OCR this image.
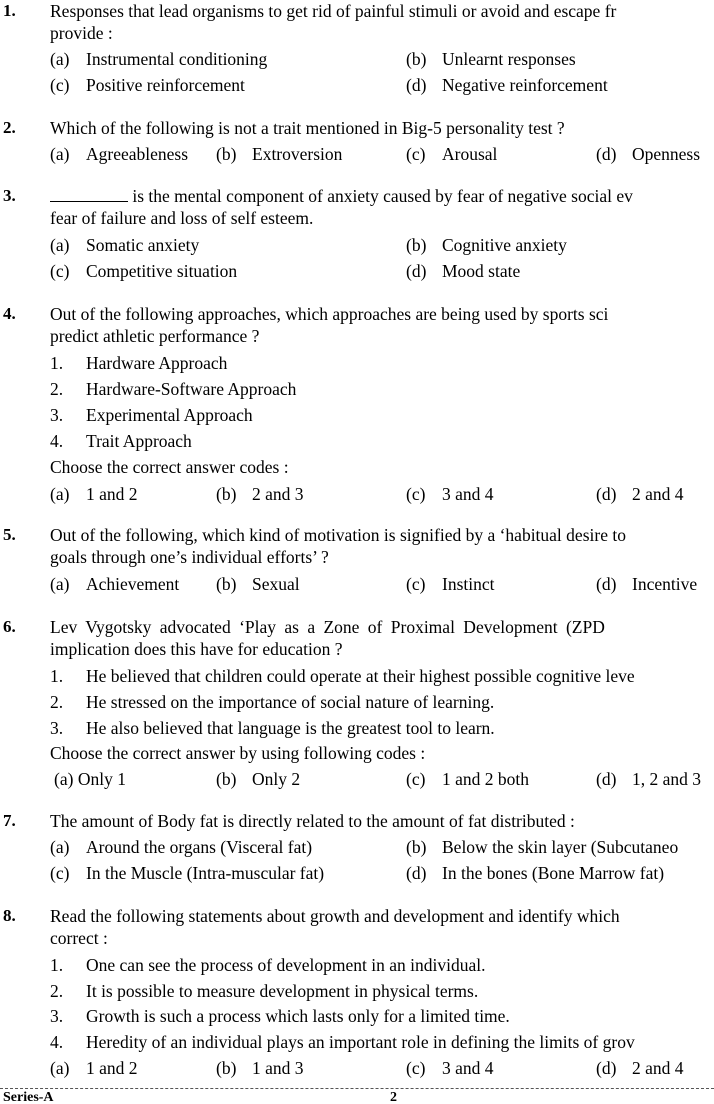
1. Responses that lead organisms to get rid of painful stimuli or avoid and escape fr
provide :
(a) Instrumental conditioning	(b) Unlearnt responses
(c) Positive reinforcement	(d) Negative reinforcement
2. Which of the following is not a trait mentioned in Big-5 personality test ?
(a) Agreeableness (b) Extroversion	(c) Arousal	(d) Openness
3.	is the mental component of anxiety caused by fear of negative social ev
fear of failure and loss of self esteem.
(a) Somatic anxiety	(b) Cognitive anxiety
(c) Competitive situation	(d) Mood state
4. Out of the following approaches, which approaches are being used by sports sci
predict athletic performance ?
1. Hardware Approach
2. Hardware-Software Approach
3. Experimental Approach
4. Trait Approach
Choose the correct answer codes :
(a) 1 and 2	(b) 2 and 3	(c) 3 and 4	(d) 2 and 4
5. Out of the following, which kind of motivation is signified by a ‘habitual desire to
goals through one’s individual efforts’ ?
(a) Achievement (b) Sexual	(c) Instinct	(d) Incentive
6. Lev Vygotsky advocated ‘Play as a Zone of Proximal Development (ZPD
implication does this have for education ?
1. He believed that children could operate at their highest possible cognitive leve
2. He stressed on the importance of social nature of learning.
3. He also believed that language is the greatest tool to learn.
Choose the correct answer by using following codes :
(a) Only 1	(b) Only 2	(c) 1 and 2 both	(d) 1, 2 and 3
7. The amount of Body fat is directly related to the amount of fat distributed :
(a) Around the organs (Visceral fat)	(b) Below the skin layer (Subcutaneo
(c) In the Muscle (Intra-muscular fat)	(d) In the bones (Bone Marrow fat)
8. Read the following statements about growth and development and identify which
correct :
1. One can see the process of development in an individual.
2. It is possible to measure development in physical terms.
3. Growth is such a process which lasts only for a limited time.
4. Heredity of an individual plays an important role in defining the limits of grov
(a) 1 and 2	(b) 1 and 3	(c) 3 and 4	(d) 2 and 4
Series-A	2
